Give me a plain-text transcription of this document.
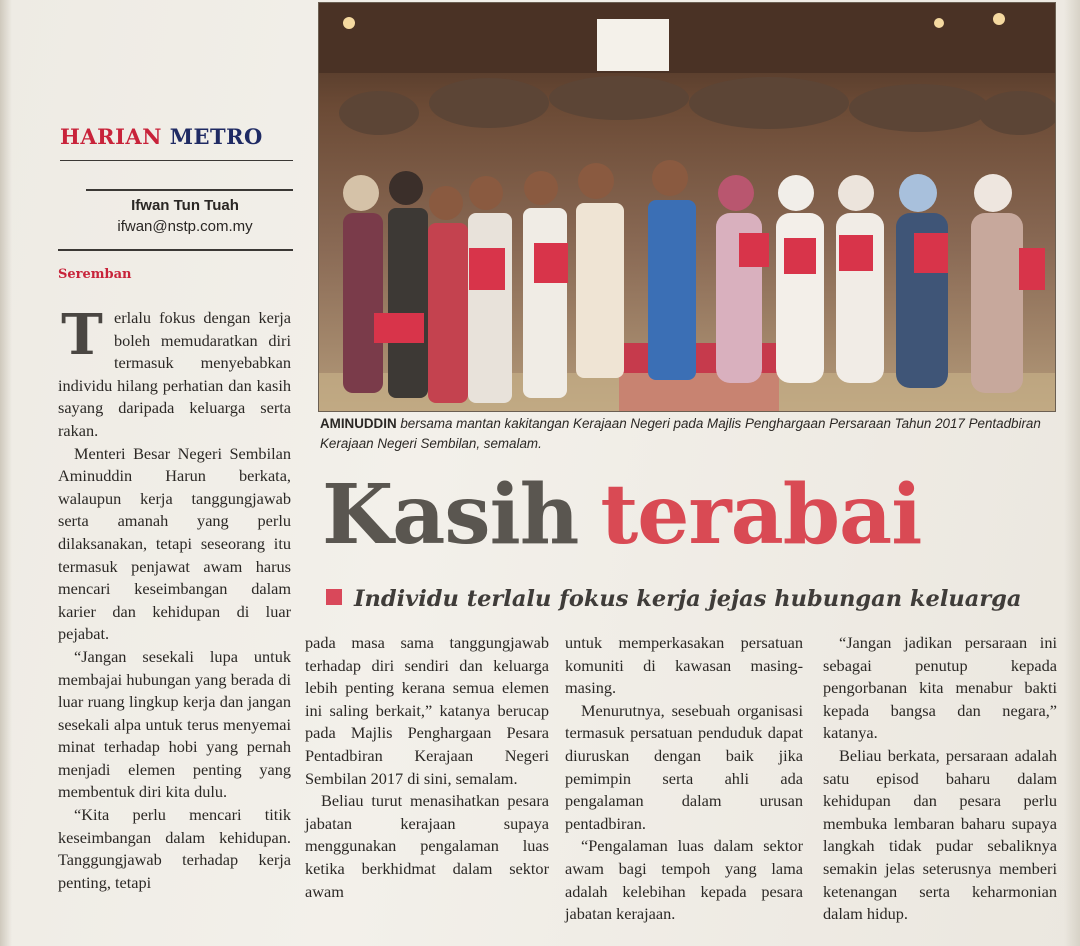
HARIAN METRO
Ifwan Tun Tuah
ifwan@nstp.com.my
Seremban

Terlalu fokus dengan kerja boleh memudaratkan diri termasuk menyebabkan individu hilang perhatian dan kasih sayang daripada keluarga serta rakan.

Menteri Besar Negeri Sembilan Aminuddin Harun berkata, walaupun kerja tanggungjawab serta amanah yang perlu dilaksanakan, tetapi seseorang itu termasuk penjawat awam harus mencari keseimbangan dalam karier dan kehidupan di luar pejabat.

“Jangan sesekali lupa untuk membajai hubungan yang berada di luar ruang lingkup kerja dan jangan sesekali alpa untuk terus menyemai minat terhadap hobi yang pernah menjadi elemen penting yang membentuk diri kita dulu.

“Kita perlu mencari titik keseimbangan dalam kehidupan. Tanggungjawab terhadap kerja penting, tetapi

AMINUDDIN bersama mantan kakitangan Kerajaan Negeri pada Majlis Penghargaan Persaraan Tahun 2017 Pentadbiran Kerajaan Negeri Sembilan, semalam.
Kasih terabai
Individu terlalu fokus kerja jejas hubungan keluarga

pada masa sama tanggungjawab terhadap diri sendiri dan keluarga lebih penting kerana semua elemen ini saling berkait,” katanya berucap pada Majlis Penghargaan Pesara Pentadbiran Kerajaan Negeri Sembilan 2017 di sini, semalam.

Beliau turut menasihatkan pesara jabatan kerajaan supaya menggunakan pengalaman luas ketika berkhidmat dalam sektor awam

untuk memperkasakan persatuan komuniti di kawasan masing-masing.

Menurutnya, sesebuah organisasi termasuk persatuan penduduk dapat diuruskan dengan baik jika pemimpin serta ahli ada pengalaman dalam urusan pentadbiran.

“Pengalaman luas dalam sektor awam bagi tempoh yang lama adalah kelebihan kepada pesara jabatan kerajaan.

“Jangan jadikan persaraan ini sebagai penutup kepada pengorbanan kita menabur bakti kepada bangsa dan negara,” katanya.

Beliau berkata, persaraan adalah satu episod baharu dalam kehidupan dan pesara perlu membuka lembaran baharu supaya langkah tidak pudar sebaliknya semakin jelas seterusnya memberi ketenangan serta keharmonian dalam hidup.
